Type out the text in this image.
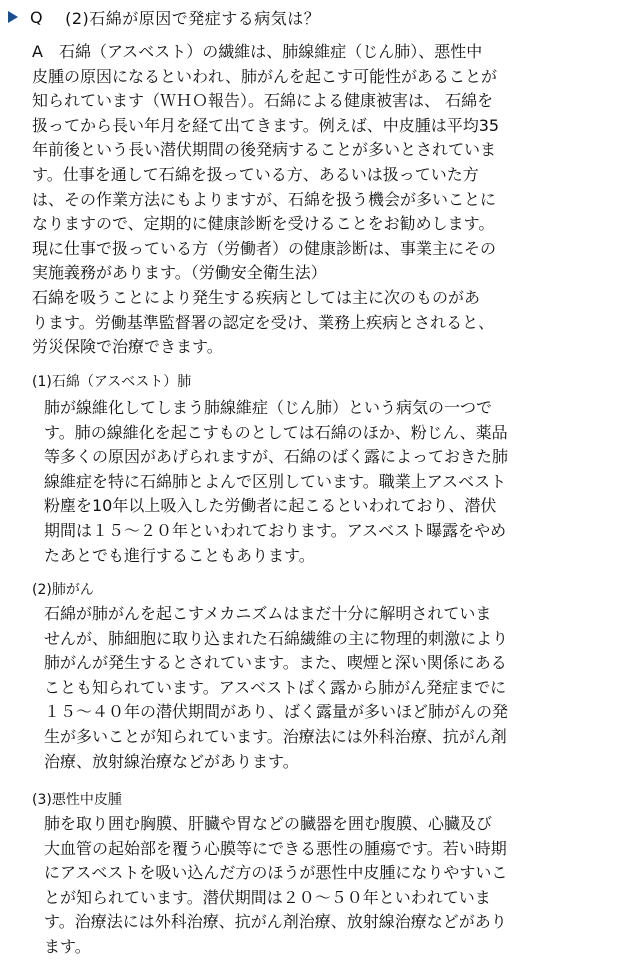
Q (2)石綿が原因で発症する病気は？

A　石綿（アスベスト）の繊維は、肺線維症（じん肺）、悪性中
皮腫の原因になるといわれ、肺がんを起こす可能性があることが
知られています（ＷＨＯ報告）。石綿による健康被害は、 石綿を
扱ってから長い年月を経て出てきます。例えば、中皮腫は平均35
年前後という長い潜伏期間の後発病することが多いとされていま
す。仕事を通して石綿を扱っている方、あるいは扱っていた方
は、その作業方法にもよりますが、石綿を扱う機会が多いことに
なりますので、定期的に健康診断を受けることをお勧めします。
現に仕事で扱っている方（労働者）の健康診断は、事業主にその
実施義務があります。（労働安全衛生法）

石綿を吸うことにより発生する疾病としては主に次のものがあ
ります。労働基準監督署の認定を受け、業務上疾病とされると、
労災保険で治療できます。

(1)石綿（アスベスト）肺

肺が線維化してしまう肺線維症（じん肺）という病気の一つで
す。肺の線維化を起こすものとしては石綿のほか、粉じん、薬品
等多くの原因があげられますが、石綿のばく露によっておきた肺
線維症を特に石綿肺とよんで区別しています。職業上アスベスト
粉塵を10年以上吸入した労働者に起こるといわれており、潜伏
期間は１５～２０年といわれております。アスベスト曝露をやめ
たあとでも進行することもあります。

(2)肺がん

石綿が肺がんを起こすメカニズムはまだ十分に解明されていま
せんが、肺細胞に取り込まれた石綿繊維の主に物理的刺激により
肺がんが発生するとされています。また、喫煙と深い関係にある
ことも知られています。アスベストばく露から肺がん発症までに
１５～４０年の潜伏期間があり、ばく露量が多いほど肺がんの発
生が多いことが知られています。治療法には外科治療、抗がん剤
治療、放射線治療などがあります。

(3)悪性中皮腫

肺を取り囲む胸膜、肝臓や胃などの臓器を囲む腹膜、心臓及び
大血管の起始部を覆う心膜等にできる悪性の腫瘍です。若い時期
にアスベストを吸い込んだ方のほうが悪性中皮腫になりやすいこ
とが知られています。潜伏期間は２０～５０年といわれていま
す。治療法には外科治療、抗がん剤治療、放射線治療などがあり
ます。
